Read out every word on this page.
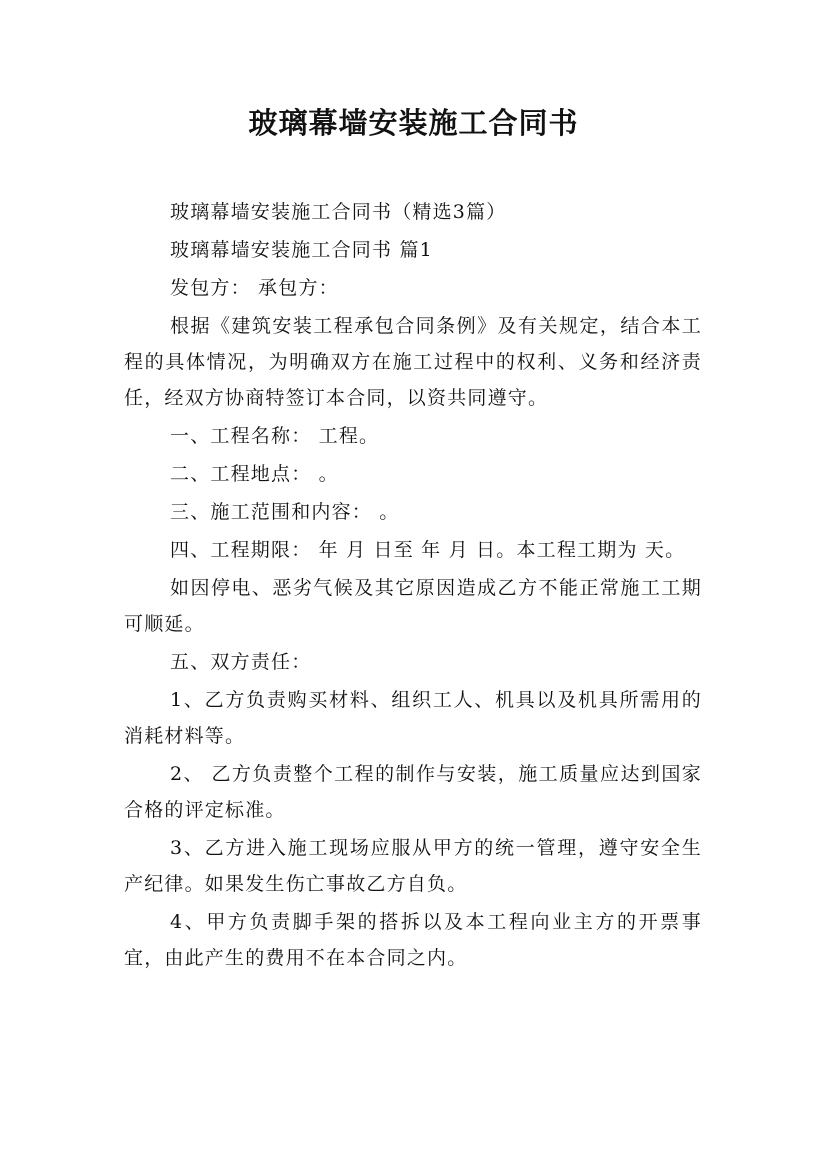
玻璃幕墙安装施工合同书

玻璃幕墙安装施工合同书（精选3篇）

玻璃幕墙安装施工合同书 篇1

发包方： 承包方：

根据《建筑安装工程承包合同条例》及有关规定，结合本工程的具体情况，为明确双方在施工过程中的权利、义务和经济责任，经双方协商特签订本合同，以资共同遵守。

一、工程名称： 工程。

二、工程地点： 。

三、施工范围和内容： 。

四、工程期限： 年 月 日至 年 月 日。本工程工期为 天。

如因停电、恶劣气候及其它原因造成乙方不能正常施工工期可顺延。

五、双方责任：

1、乙方负责购买材料、组织工人、机具以及机具所需用的消耗材料等。

2、 乙方负责整个工程的制作与安装，施工质量应达到国家合格的评定标准。

3、乙方进入施工现场应服从甲方的统一管理，遵守安全生产纪律。如果发生伤亡事故乙方自负。

4、甲方负责脚手架的搭拆以及本工程向业主方的开票事宜，由此产生的费用不在本合同之内。
